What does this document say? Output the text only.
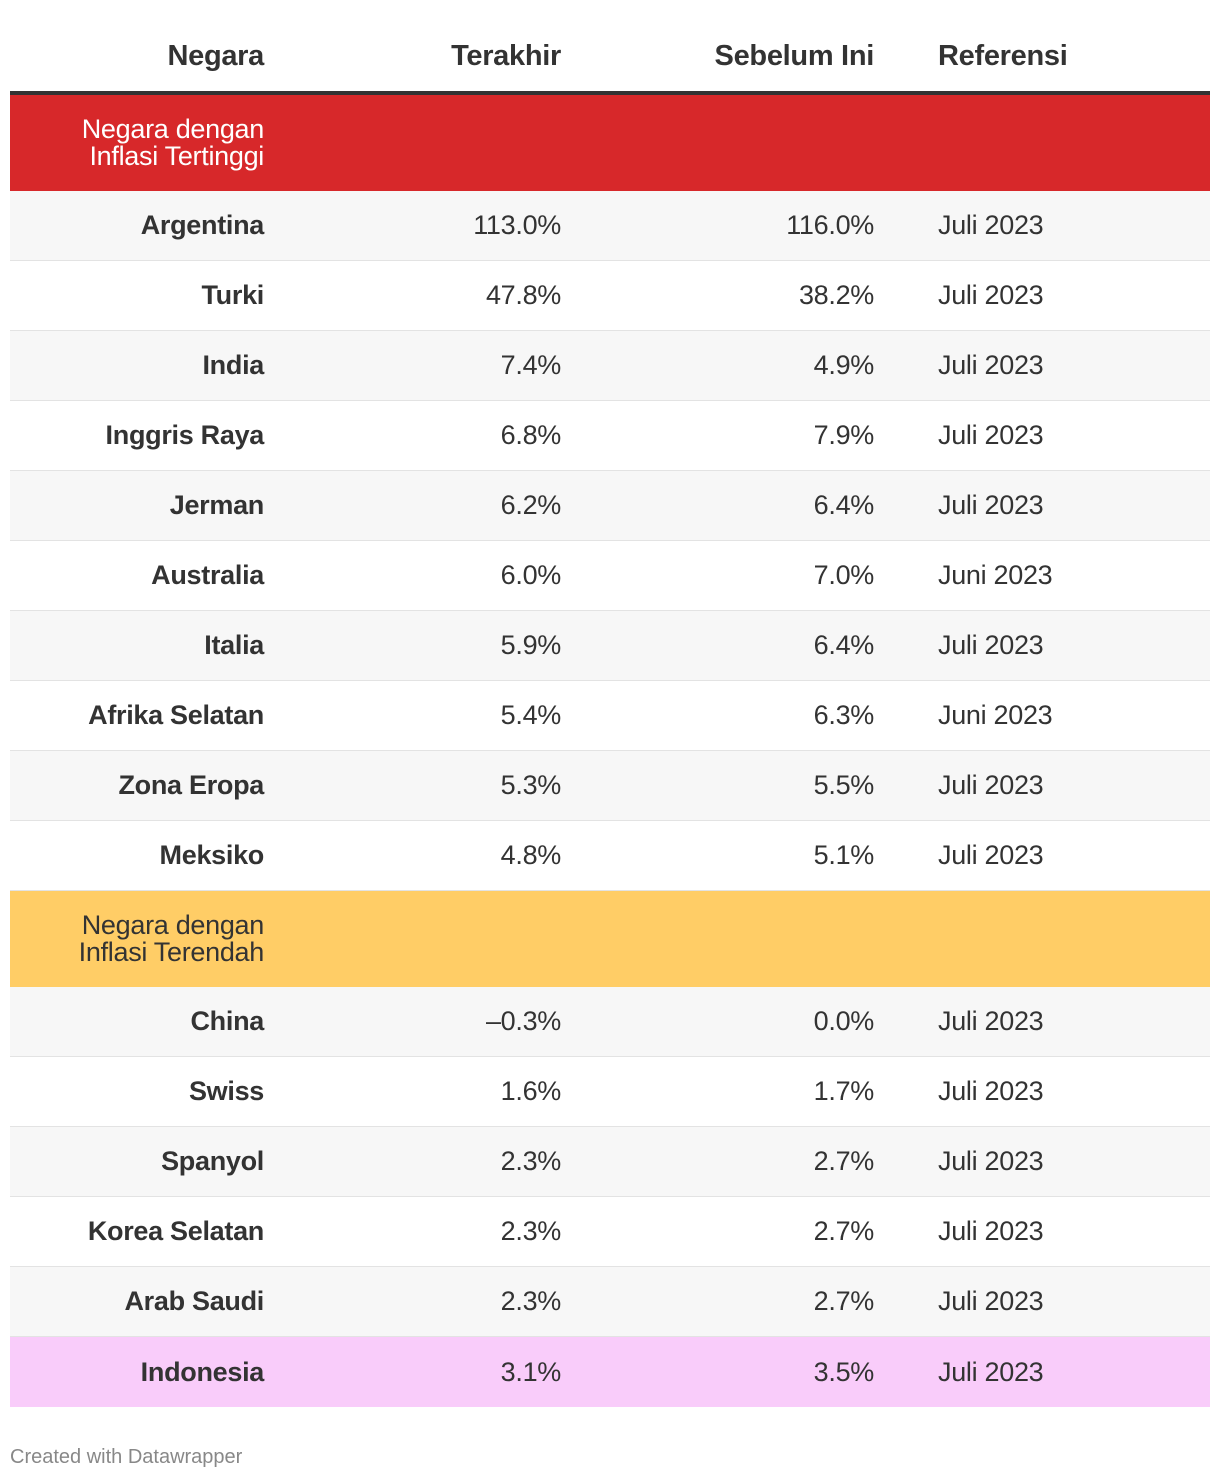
Negara	Terakhir	Sebelum Ini Referensi
Negara dengan
Inflasi Tertinggi
Argentina	113.0%	116.0% Juli 2023
Turki	47.8%	38.2% Juli 2023
India	7.4%	4.9% Juli 2023
Inggris Raya	6.8%	7.9% Juli 2023
Jerman	6.2%	6.4% Juli 2023
Australia	6.0%	7.0% Juni 2023
Italia	5.9%	6.4% Juli 2023
Afrika Selatan	5.4%	6.3% Juni 2023
Zona Eropa	5.3%	5.5% Juli 2023
Meksiko	4.8%	5.1% Juli 2023
Negara dengan
Inflasi Terendah
China	–0.3%	0.0% Juli 2023
Swiss	1.6%	1.7% Juli 2023
Spanyol	2.3%	2.7% Juli 2023
Korea Selatan	2.3%	2.7% Juli 2023
Arab Saudi	2.3%	2.7% Juli 2023
Indonesia	3.1%	3.5% Juli 2023
Created with Datawrapper
